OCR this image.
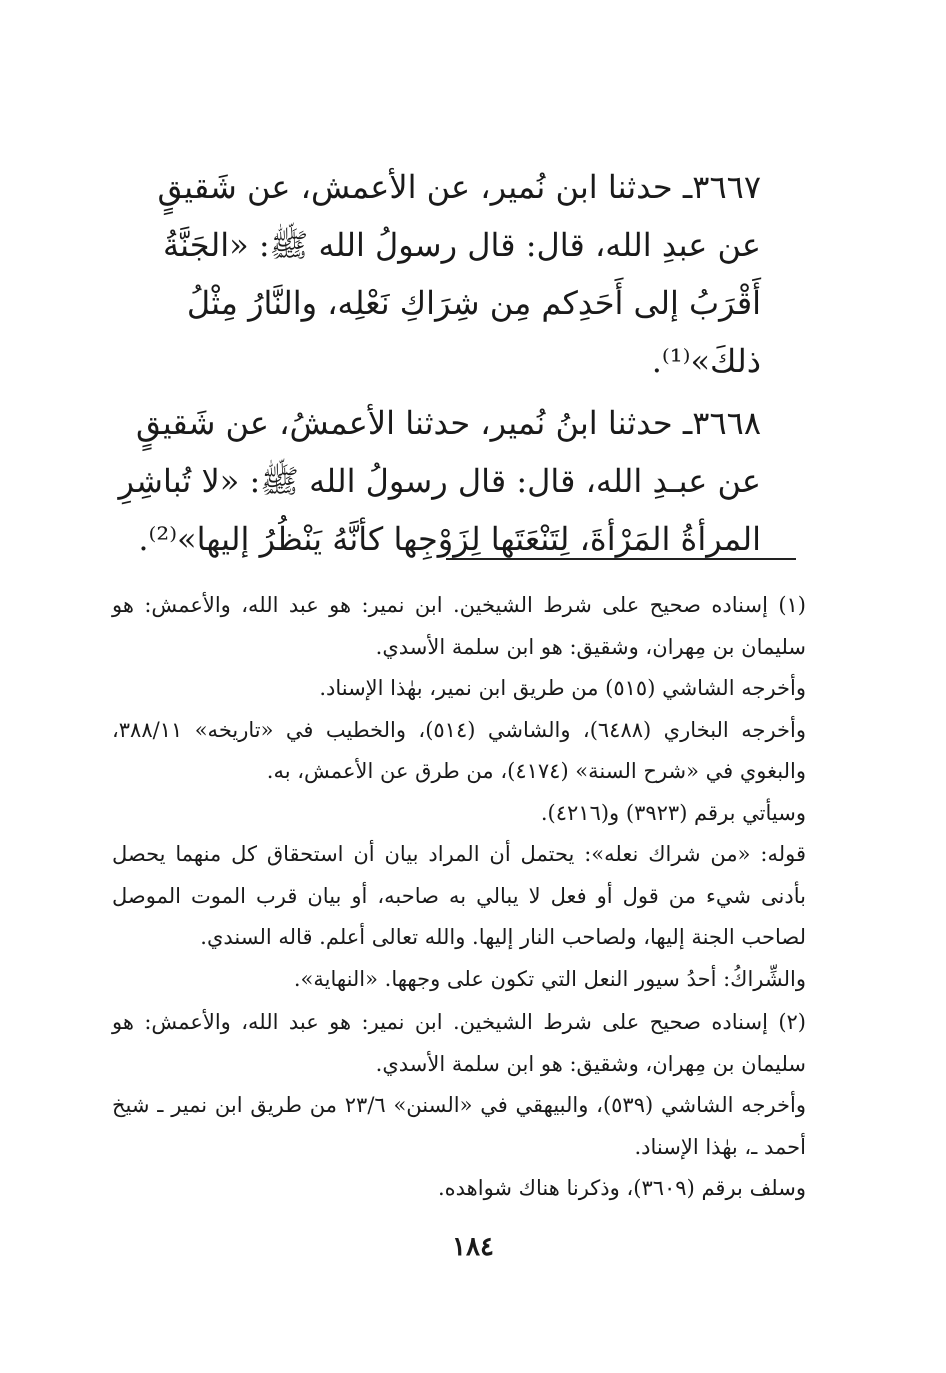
٣٦٦٧ـ حدثنا ابن نُمير، عن الأعمش، عن شَقيقٍ

عن عبدِ الله، قال: قال رسولُ الله ﷺ: «الجَنَّةُ أَقْرَبُ إلى أَحَدِكم مِن شِرَاكِ نَعْلِه، والنَّارُ مِثْلُ ذلكَ»⁽¹⁾.

٣٦٦٨ـ حدثنا ابنُ نُمير، حدثنا الأعمشُ، عن شَقيقٍ

عن عبـدِ الله، قال: قال رسولُ الله ﷺ: «لا تُباشِرِ المرأةُ المَرْأةَ، لِتَنْعَتَها لِزَوْجِها كأنَّهُ يَنْظُرُ إليها»⁽²⁾.

(١) إسناده صحيح على شرط الشيخين. ابن نمير: هو عبد الله، والأعمش: هو سليمان بن مِهران، وشقيق: هو ابن سلمة الأسدي.

وأخرجه الشاشي (٥١٥) من طريق ابن نمير، بهٰذا الإسناد.

وأخرجه البخاري (٦٤٨٨)، والشاشي (٥١٤)، والخطيب في «تاريخه» ٣٨٨/١١، والبغوي في «شرح السنة» (٤١٧٤)، من طرق عن الأعمش، به.

وسيأتي برقم (٣٩٢٣) و(٤٢١٦).

قوله: «من شراك نعله»: يحتمل أن المراد بيان أن استحقاق كل منهما يحصل بأدنى شيء من قول أو فعل لا يبالي به صاحبه، أو بيان قرب الموت الموصل لصاحب الجنة إليها، ولصاحب النار إليها. والله تعالى أعلم. قاله السندي.

والشِّراكُ: أحدُ سيور النعل التي تكون على وجهها. «النهاية».

(٢) إسناده صحيح على شرط الشيخين. ابن نمير: هو عبد الله، والأعمش: هو سليمان بن مِهران، وشقيق: هو ابن سلمة الأسدي.

وأخرجه الشاشي (٥٣٩)، والبيهقي في «السنن» ٢٣/٦ من طريق ابن نمير ـ شيخ أحمد ـ، بهٰذا الإسناد.

وسلف برقم (٣٦٠٩)، وذكرنا هناك شواهده.

١٨٤
